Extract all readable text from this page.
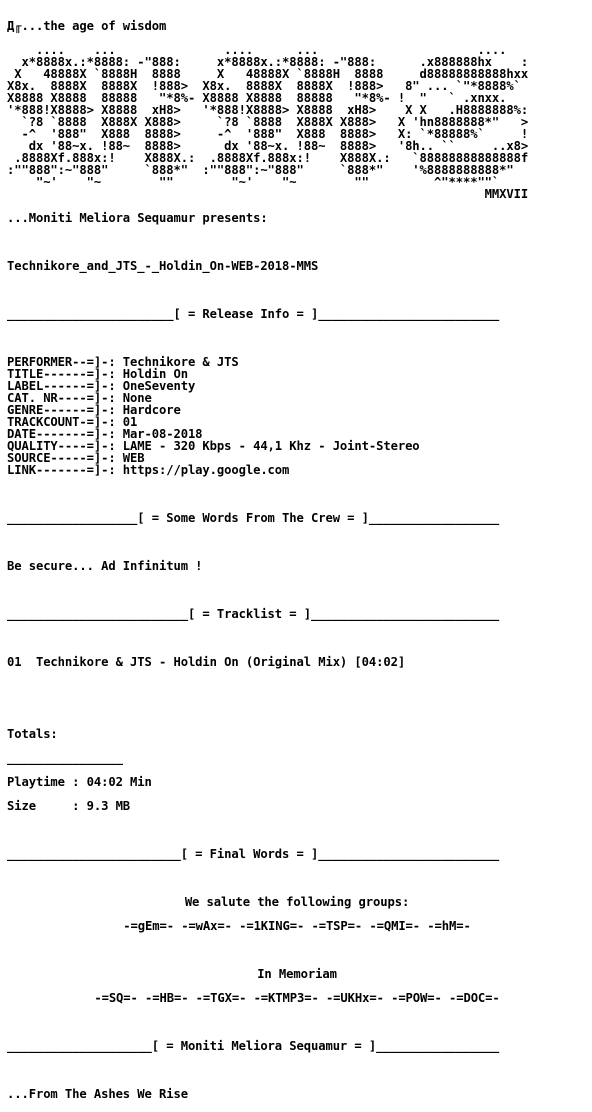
Д╓...the age of wisdom

....    ...               ....      ...                      ....
x*8888x.:*8888: -"888:     x*8888x.:*8888: -"888:      .x888888hx    :
X   48888X `8888H  8888     X   48888X `8888H  8888     d88888888888hxx
X8x.  8888X  8888X  !888>  X8x.  8888X  8888X  !888>   8" ... `"*8888%`
X8888 X8888  88888   "*8%- X8888 X8888  88888   "*8%- !  "   ` .xnxx.
'*888!X8888> X8888  xH8>   '*888!X8888> X8888  xH8>    X X   .H8888888%:
`?8 `8888  X888X X888>     `?8 `8888  X888X X888>   X 'hn8888888*"   >
-^  '888"  X888  8888>     -^  '888"  X888  8888>   X: `*88888%`     !
dx '88~x. !88~  8888>      dx '88~x. !88~  8888>   '8h.. ``     ..x8>
.8888Xf.888x:!    X888X.:  .8888Xf.888x:!    X888X.:   `88888888888888f
:""888":~"888"     `888*"  :""888":~"888"     `888*"    '%8888888888*"
"~'    "~        ""        "~'    "~        ""         ^"****""`
MMXVII

...Moniti Meliora Sequamur presents:

Technikore_and_JTS_-_Holdin_On-WEB-2018-MMS

_______________________[ = Release Info = ]_________________________

PERFORMER--=]-: Technikore & JTS
TITLE------=]-: Holdin On
LABEL------=]-: OneSeventy
CAT. NR----=]-: None
GENRE------=]-: Hardcore
TRACKCOUNT-=]-: 01
DATE-------=]-: Mar-08-2018
QUALITY----=]-: LAME - 320 Kbps - 44,1 Khz - Joint-Stereo
SOURCE-----=]-: WEB
LINK-------=]-: https://play.google.com

__________________[ = Some Words From The Crew = ]__________________

Be secure... Ad Infinitum !

_________________________[ = Tracklist = ]__________________________

01  Technikore & JTS - Holdin On (Original Mix) [04:02]

Totals:

________________

Playtime : 04:02 Min

Size     : 9.3 MB

________________________[ = Final Words = ]_________________________

We salute the following groups:

-=gEm=- -=wAx=- -=1KING=- -=TSP=- -=QMI=- -=hM=-

In Memoriam

-=SQ=- -=HB=- -=TGX=- -=KTMP3=- -=UKHx=- -=POW=- -=DOC=-

____________________[ = Moniti Meliora Sequamur = ]_________________

...From The Ashes We Rise
